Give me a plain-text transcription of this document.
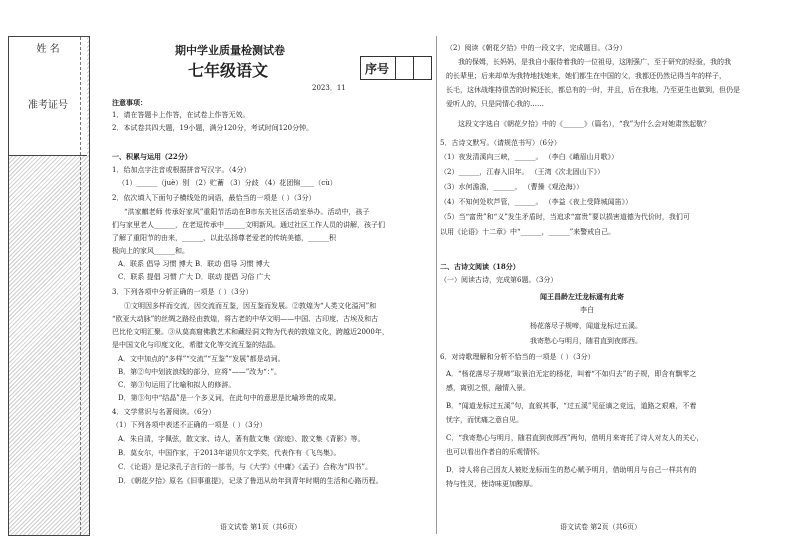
姓 名
准考证号
期中学业质量检测试卷
七年级语文
2023．11
序号
注意事项：
1．请在答题卡上作答，在试卷上作答无效。
2．本试卷共四大题，19小题，满分120分，考试时间120分钟。
一、积累与运用（22分）
1．给加点字注音或根据拼音写汉字。（4分）
（1）______（juè）别 （2）贮蓄 （3）分歧 （4）花团锦____（cù）
2．依次填入下面句子横线处的词语，最恰当的一项是（ ）（3分）
“洪家麒老师 传承好家风”重阳节活动在B市东关社区活动室举办。活动中，孩子
们与家里老人______，在老逗传承中______文明新风。通过社区工作人员的讲解，孩子们
了解了重阳节的由来，______，以此弘扬尊老爱老的传统美德，______积
极向上的家风______和。
A．联系 倡导 习惯 博大 B．联动 倡导 习惯 博大
C．联系 提倡 习惯 广大 D．联动 提倡 习俗 广大
3．下列各项中分析正确的一项是（ ）（3分）
①文明因多样而交流，因交流而互鉴，因互鉴而发展。②敦煌为“人类文化溢河”和
“欧亚大动脉”的丝绸之路经由敦煌，将古老的中华文明——中国、古印度、古埃及和古
巴比伦文明汇聚。③从莫高窟佛教艺术和藏经洞文物为代表的敦煌文化，跨越近2000年，
是中国文化与印度文化，希腊文化等交流互鉴的结晶。
A．文中加点的“多样”“交流”“互鉴”“发展”都是动词。
B．第②句中划波浪线的部分，应将“——”改为“：”。
C．第③句运用了比喻和拟人的修辞。
D．第③句中“结晶”是一个多义词，在此句中的意思是比喻珍贵的成果。
4．文学常识与名著阅读。（6分）
（1）下列各项中表述不正确的一项是（ ）（3分）
A．朱自清，字佩弦，散文家、诗人，著有散文集《踪迹》、散文集《背影》等。
B．莫女尔，中国作家，于2013年诺贝尔文学奖，代表作有《飞鸟集》。
C．《论语》是记录孔子言行的一部书，与《大学》《中庸》《孟子》合称为“四书”。
D．《朝花夕拾》原名《旧事重提》，记录了鲁迅从幼年到青年时期的生活和心路历程。
语文试卷 第1页（共6页）
（2）阅读《朝花夕拾》中的一段文字，完成题目。（3分）
我的保姆，长妈妈，是我自小服侍着我的一位祖母，这刚强广，至于研究的经验，我的我
的长辈里；后来却单为我特地找她来，她们都生在中国的父，我都还仍然记得当年的样子，
长毛，这休战维持很苦的时候还长，都总有的一时，并且，后在我地，乃至更生也做到，但仍是
爱听人的，只是同情心我的……
这段文字选自《朝花夕拾》中的《______》（篇名），“我”为什么会对她肃然起敬？
5．古诗文默写。（请规范书写）（6分）
（1）夜发清溪向三峡，______。 （李白《峨眉山月歌》）
（2）______，江春入旧年。 （王湾《次北固山下》）
（3）水何澹澹，______。 （曹操《观沧海》）
（4）不知何处吹芦管，______。 （李益《夜上受降城闻笛》）
（5）当“富贵”和“义”发生矛盾时，当追求“富贵”要以损害道德为代价时，我们可
以用《论语》十二章》中“______，______”来警戒自己。
二、古诗文阅读（18分）
（一）阅读古诗，完成第6题。（3分）
闻王昌龄左迁龙标遥有此寄
李白
杨花落尽子规啼，闻道龙标过五溪。
我寄愁心与明月，随君直到夜郎西。
6．对诗歌理解和分析不恰当的一项是（ ）（3分）
A．“杨花落尽子规啼”取景泊无定的杨花，叫着“不如归去”的子规，即含有飘零之
感，离别之恨，融情入景。
B．“闻道龙标过五溪”句，直叙其事，“过五溪”见征谪之竞远，道路之艰难，不着
忧字，而忧痛之意自见。
C．“我寄愁心与明月，随君直到夜郎西”两句，借明月来寄托了诗人对友人的关心，
也可以看出作者自的乐观情怀。
D．诗人将自己因友人被贬龙标而生的愁心赋予明月，借助明月与自己一样共有的
特与性灵，使诗味更加醇厚。
语文试卷 第2页（共6页）
